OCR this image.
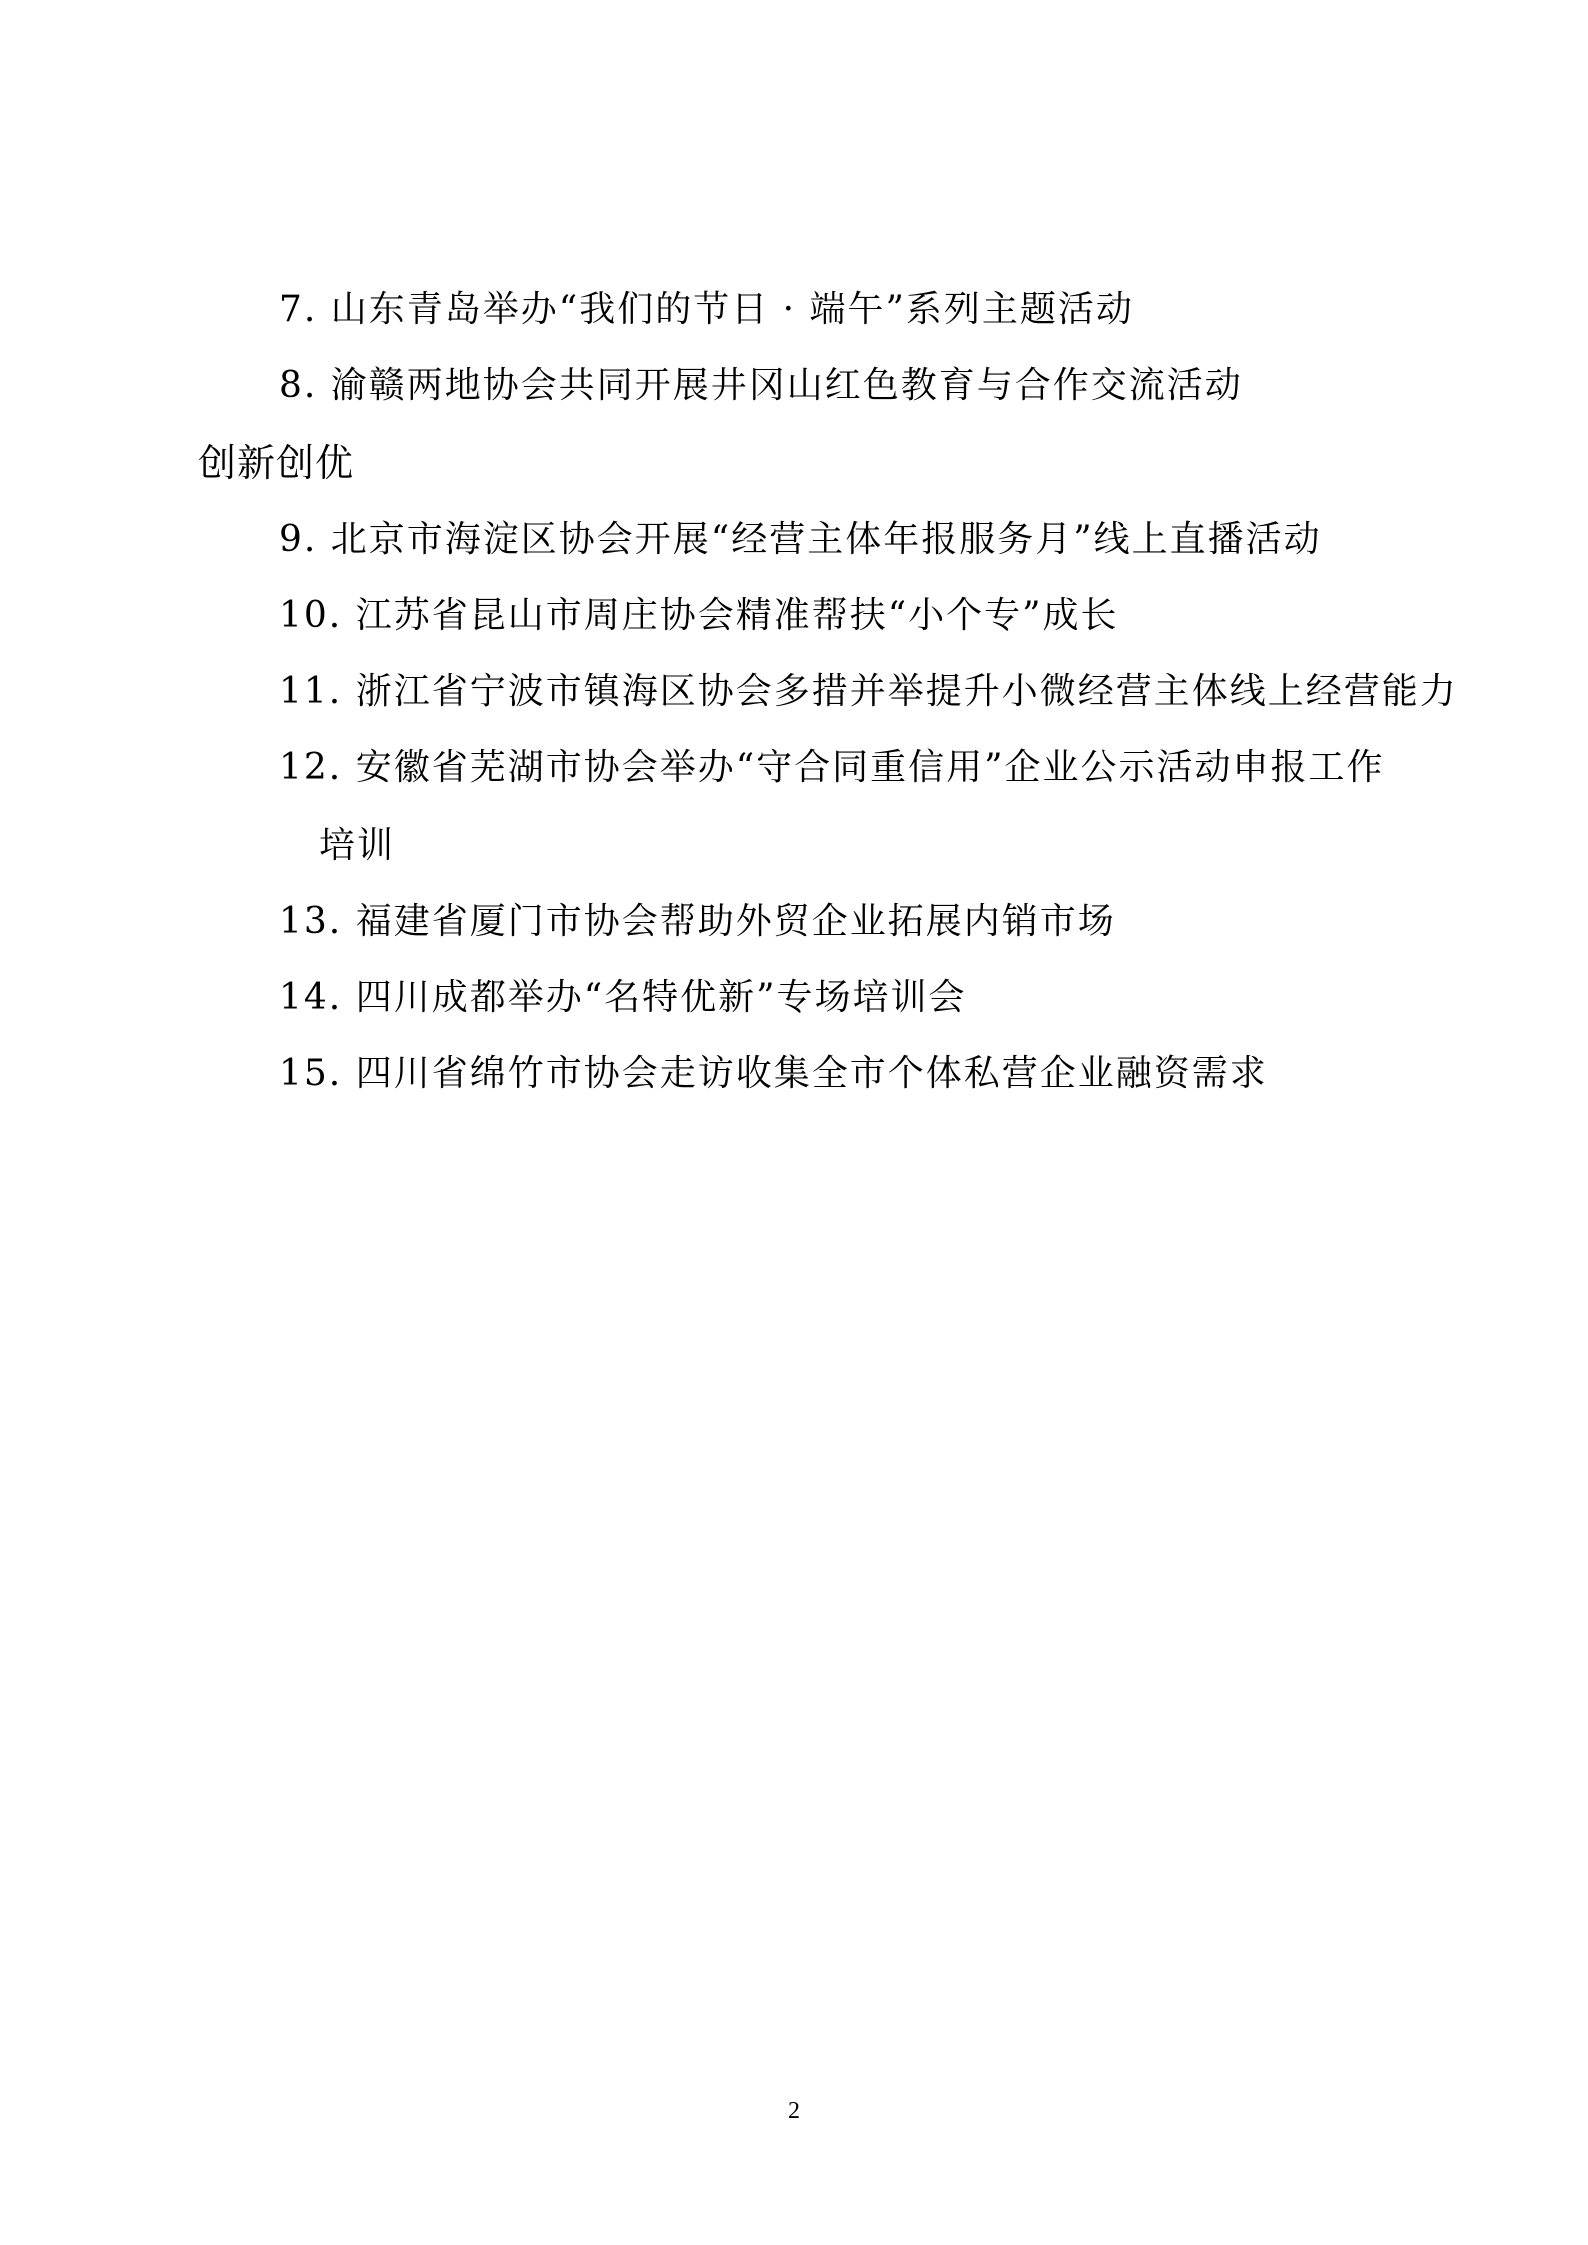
7. 山东青岛举办“我们的节日 · 端午”系列主题活动
8. 渝赣两地协会共同开展井冈山红色教育与合作交流活动
创新创优
9. 北京市海淀区协会开展“经营主体年报服务月”线上直播活动
10. 江苏省昆山市周庄协会精准帮扶“小个专”成长
11. 浙江省宁波市镇海区协会多措并举提升小微经营主体线上经营能力
12. 安徽省芜湖市协会举办“守合同重信用”企业公示活动申报工作
培训
13. 福建省厦门市协会帮助外贸企业拓展内销市场
14. 四川成都举办“名特优新”专场培训会
15. 四川省绵竹市协会走访收集全市个体私营企业融资需求
2
